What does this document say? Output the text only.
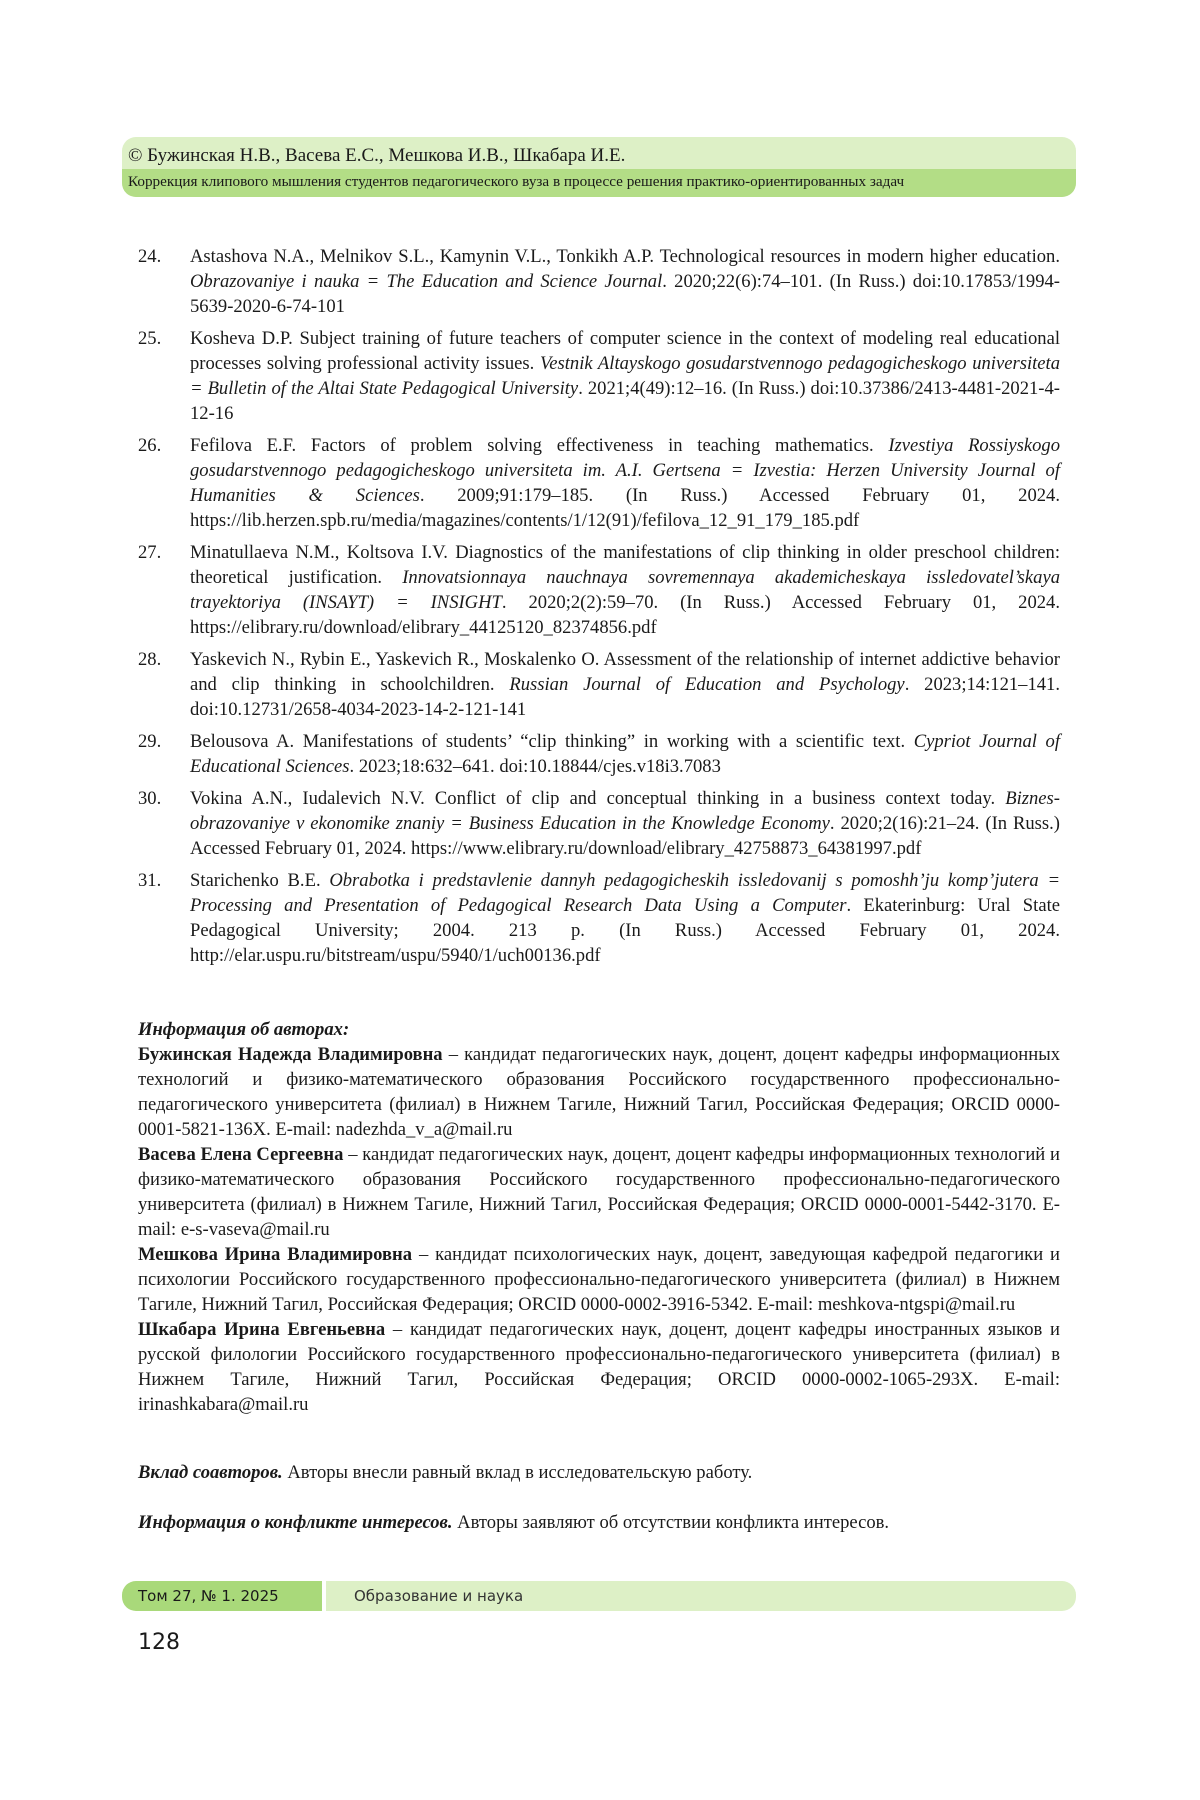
© Бужинская Н.В., Васева Е.С., Мешкова И.В., Шкабара И.Е.
Коррекция клипового мышления студентов педагогического вуза в процессе решения практико-ориентированных задач
24. Astashova N.A., Melnikov S.L., Kamynin V.L., Tonkikh A.P. Technological resources in modern higher education. Obrazovaniye i nauka = The Education and Science Journal. 2020;22(6):74–101. (In Russ.) doi:10.17853/1994-5639-2020-6-74-101
25. Kosheva D.P. Subject training of future teachers of computer science in the context of modeling real educational processes solving professional activity issues. Vestnik Altayskogo gosudarstvennogo pedagogicheskogo universiteta = Bulletin of the Altai State Pedagogical University. 2021;4(49):12–16. (In Russ.) doi:10.37386/2413-4481-2021-4-12-16
26. Fefilova E.F. Factors of problem solving effectiveness in teaching mathematics. Izvestiya Rossiyskogo gosudarstvennogo pedagogicheskogo universiteta im. A.I. Gertsena = Izvestia: Herzen University Journal of Humanities & Sciences. 2009;91:179–185. (In Russ.) Accessed February 01, 2024. https://lib.herzen.spb.ru/media/magazines/contents/1/12(91)/fefilova_12_91_179_185.pdf
27. Minatullaeva N.M., Koltsova I.V. Diagnostics of the manifestations of clip thinking in older preschool children: theoretical justification. Innovatsionnaya nauchnaya sovremennaya akademicheskaya issledovatel’skaya trayektoriya (INSAYT) = INSIGHT. 2020;2(2):59–70. (In Russ.) Accessed February 01, 2024. https://elibrary.ru/download/elibrary_44125120_82374856.pdf
28. Yaskevich N., Rybin E., Yaskevich R., Moskalenko O. Assessment of the relationship of internet addictive behavior and clip thinking in schoolchildren. Russian Journal of Education and Psychology. 2023;14:121–141. doi:10.12731/2658-4034-2023-14-2-121-141
29. Belousova A. Manifestations of students’ “clip thinking” in working with a scientific text. Cypriot Journal of Educational Sciences. 2023;18:632–641. doi:10.18844/cjes.v18i3.7083
30. Vokina A.N., Iudalevich N.V. Conflict of clip and conceptual thinking in a business context today. Biznes-obrazovaniye v ekonomike znaniy = Business Education in the Knowledge Economy. 2020;2(16):21–24. (In Russ.) Accessed February 01, 2024. https://www.elibrary.ru/download/elibrary_42758873_64381997.pdf
31. Starichenko B.E. Obrabotka i predstavlenie dannyh pedagogicheskih issledovanij s pomoshh’ju komp’jutera = Processing and Presentation of Pedagogical Research Data Using a Computer. Ekaterinburg: Ural State Pedagogical University; 2004. 213 p. (In Russ.) Accessed February 01, 2024. http://elar.uspu.ru/bitstream/uspu/5940/1/uch00136.pdf

Информация об авторах:

Бужинская Надежда Владимировна – кандидат педагогических наук, доцент, доцент кафедры информационных технологий и физико-математического образования Российского государственного профессионально-педагогического университета (филиал) в Нижнем Тагиле, Нижний Тагил, Российская Федерация; ORCID 0000-0001-5821-136X. E-mail: nadezhda_v_a@mail.ru

Васева Елена Сергеевна – кандидат педагогических наук, доцент, доцент кафедры информационных технологий и физико-математического образования Российского государственного профессионально-педагогического университета (филиал) в Нижнем Тагиле, Нижний Тагил, Российская Федерация; ORCID 0000-0001-5442-3170. E-mail: e-s-vaseva@mail.ru

Мешкова Ирина Владимировна – кандидат психологических наук, доцент, заведующая кафедрой педагогики и психологии Российского государственного профессионально-педагогического университета (филиал) в Нижнем Тагиле, Нижний Тагил, Российская Федерация; ORCID 0000-0002-3916-5342. E-mail: meshkova-ntgspi@mail.ru

Шкабара Ирина Евгеньевна – кандидат педагогических наук, доцент, доцент кафедры иностранных языков и русской филологии Российского государственного профессионально-педагогического университета (филиал) в Нижнем Тагиле, Нижний Тагил, Российская Федерация; ORCID 0000-0002-1065-293X. E-mail: irinashkabara@mail.ru

Вклад соавторов. Авторы внесли равный вклад в исследовательскую работу.

Информация о конфликте интересов. Авторы заявляют об отсутствии конфликта интересов.

Том 27, № 1. 2025	Образование и наука
128
